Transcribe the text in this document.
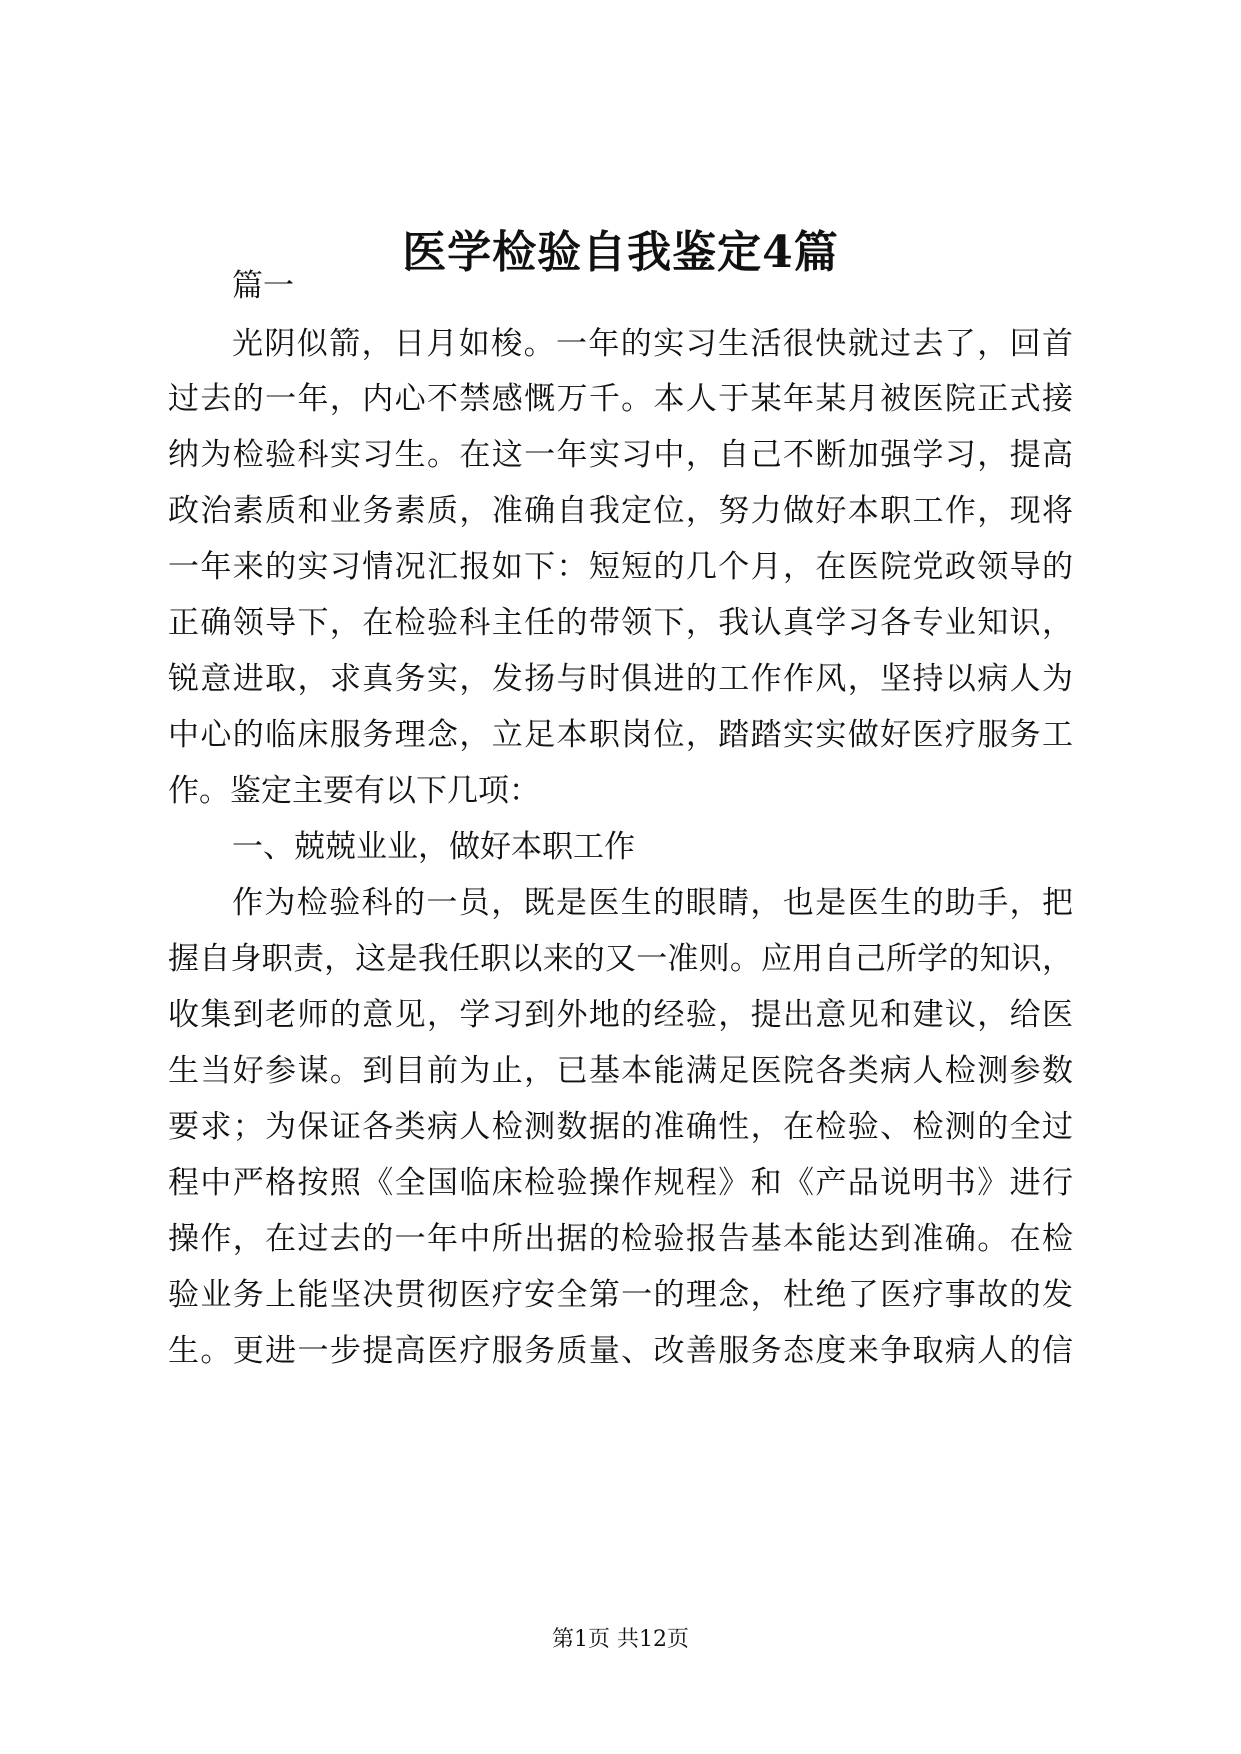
医学检验自我鉴定4篇

篇一

光阴似箭，日月如梭。一年的实习生活很快就过去了，回首

过去的一年，内心不禁感慨万千。本人于某年某月被医院正式接

纳为检验科实习生。在这一年实习中，自己不断加强学习，提高

政治素质和业务素质，准确自我定位，努力做好本职工作，现将

一年来的实习情况汇报如下：短短的几个月，在医院党政领导的

正确领导下，在检验科主任的带领下，我认真学习各专业知识，

锐意进取，求真务实，发扬与时俱进的工作作风，坚持以病人为

中心的临床服务理念，立足本职岗位，踏踏实实做好医疗服务工

作。鉴定主要有以下几项：

一、兢兢业业，做好本职工作

作为检验科的一员，既是医生的眼睛，也是医生的助手，把

握自身职责，这是我任职以来的又一准则。应用自己所学的知识，

收集到老师的意见，学习到外地的经验，提出意见和建议，给医

生当好参谋。到目前为止，已基本能满足医院各类病人检测参数

要求；为保证各类病人检测数据的准确性，在检验、检测的全过

程中严格按照《全国临床检验操作规程》和《产品说明书》进行

操作，在过去的一年中所出据的检验报告基本能达到准确。在检

验业务上能坚决贯彻医疗安全第一的理念，杜绝了医疗事故的发

生。更进一步提高医疗服务质量、改善服务态度来争取病人的信

第1页 共12页
